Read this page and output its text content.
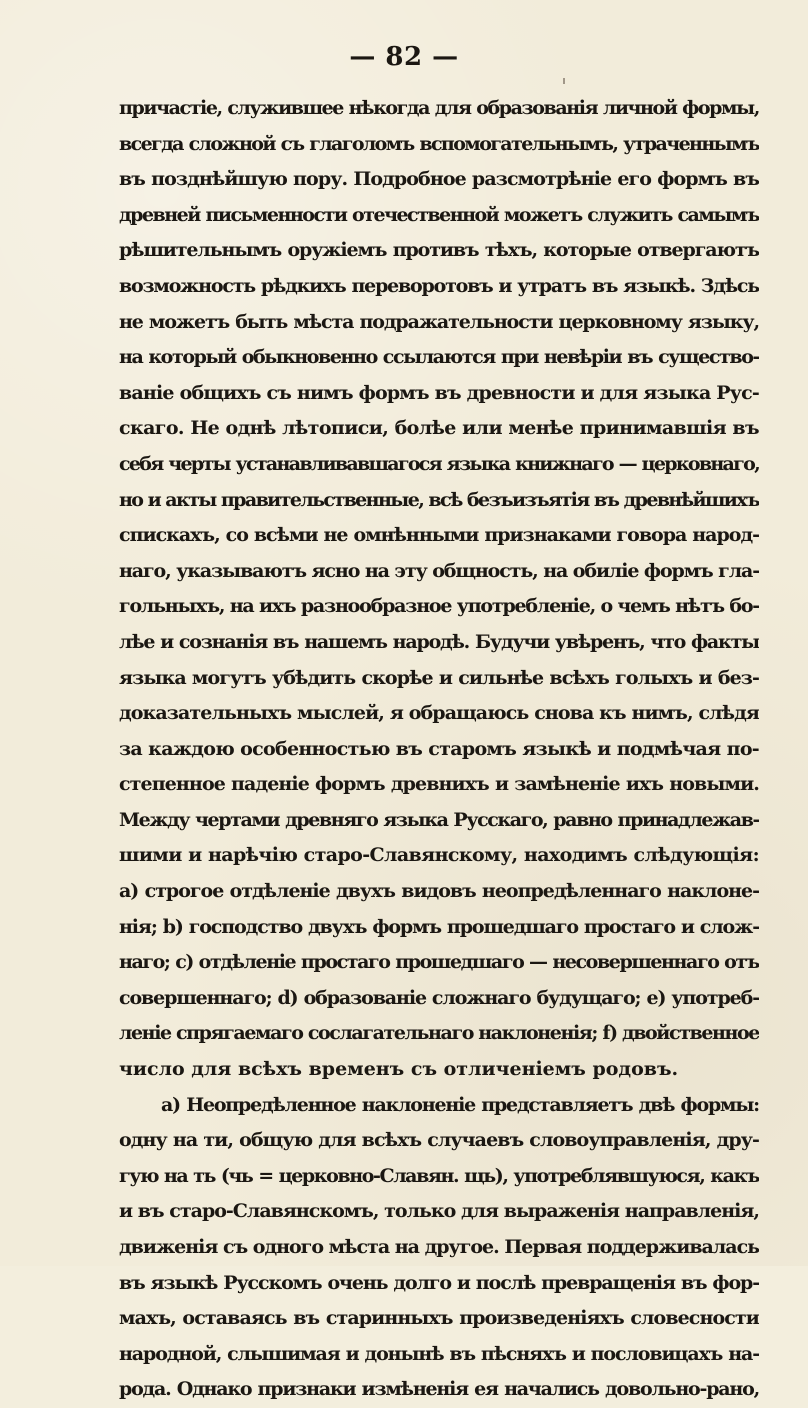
— 82 —
причастіе, служившее нѣкогда для образованія личной формы,
всегда сложной съ глаголомъ вспомогательнымъ, утраченнымъ
въ позднѣйшую пору. Подробное разсмотрѣніе его формъ въ
древней письменности отечественной можетъ служить самымъ
рѣшительнымъ оружіемъ противъ тѣхъ, которые отвергаютъ
возможность рѣдкихъ переворотовъ и утратъ въ языкѣ. Здѣсь
не можетъ быть мѣста подражательности церковному языку,
на который обыкновенно ссылаются при невѣріи въ существо-
ваніе общихъ съ нимъ формъ въ древности и для языка Рус-
скаго. Не однѣ лѣтописи, болѣе или менѣе принимавшія въ
себя черты устанавливавшагося языка книжнаго — церковнаго,
но и акты правительственные, всѣ безъизъятія въ древнѣйшихъ
спискахъ, со всѣми не омнѣнными признаками говора народ-
наго, указываютъ ясно на эту общность, на обиліе формъ гла-
гольныхъ, на ихъ разнообразное употребленіе, о чемъ нѣтъ бо-
лѣе и сознанія въ нашемъ народѣ. Будучи увѣренъ, что факты
языка могутъ убѣдить скорѣе и сильнѣе всѣхъ голыхъ и без-
доказательныхъ мыслей, я обращаюсь снова къ нимъ, слѣдя
за каждою особенностью въ старомъ языкѣ и подмѣчая по-
степенное паденіе формъ древнихъ и замѣненіе ихъ новыми.
Между чертами древняго языка Русскаго, равно принадлежав-
шими и нарѣчію старо-Славянскому, находимъ слѣдующія:
а) строгое отдѣленіе двухъ видовъ неопредѣленнаго наклоне-
нія; b) господство двухъ формъ прошедшаго простаго и слож-
наго; с) отдѣленіе простаго прошедшаго — несовершеннаго отъ
совершеннаго; d) образованіе сложнаго будущаго; е) употреб-
леніе спрягаемаго сослагательнаго наклоненія; f) двойственное
число для всѣхъ временъ съ отличеніемъ родовъ.
а) Неопредѣленное наклоненіе представляетъ двѣ формы:
одну на ти, общую для всѣхъ случаевъ словоуправленія, дру-
гую на ть (чь = церковно-Славян. щь), употреблявшуюся, какъ
и въ старо-Славянскомъ, только для выраженія направленія,
движенія съ одного мѣста на другое. Первая поддерживалась
въ языкѣ Русскомъ очень долго и послѣ превращенія въ фор-
махъ, оставаясь въ старинныхъ произведеніяхъ словесности
народной, слышимая и донынѣ въ пѣсняхъ и пословицахъ на-
рода. Однако признаки измѣненія ея начались довольно-рано,
